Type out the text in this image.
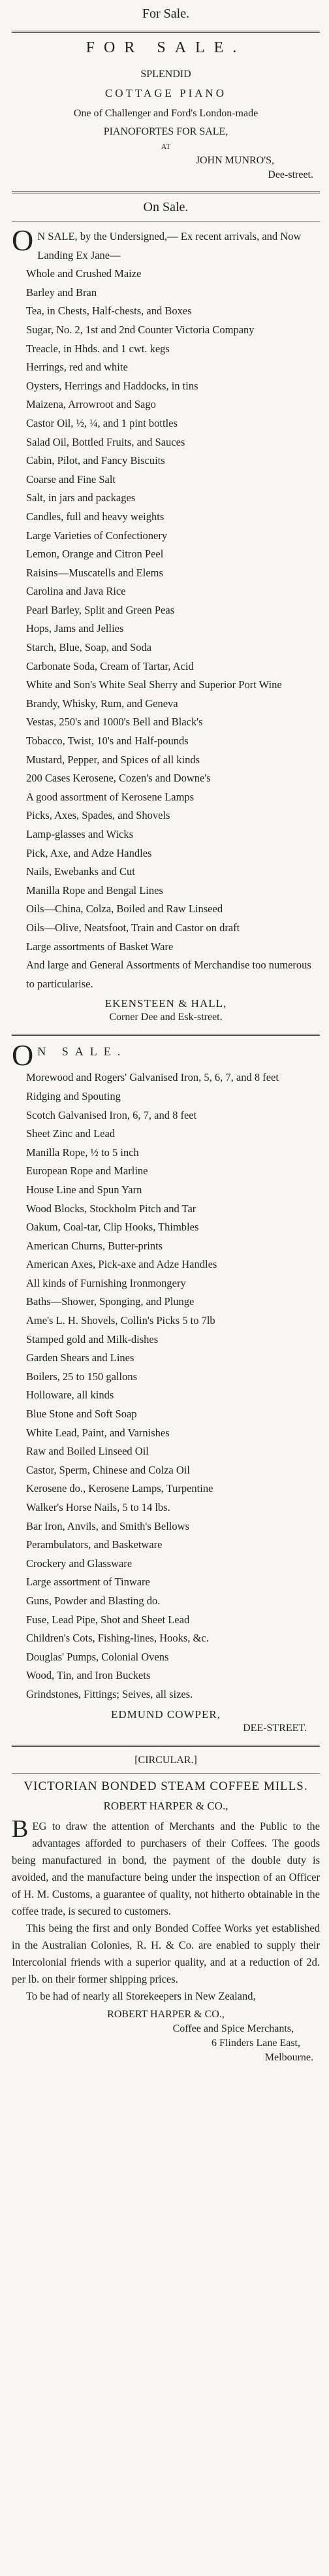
For Sale.
FOR SALE.
SPLENDID
COTTAGE PIANO
One of Challenger and Ford's London-made
PIANOFORTES FOR SALE,
AT
JOHN MUNRO'S,
Dee-street.
On Sale.
O N SALE, by the Undersigned,— Ex recent arrivals, and Now Landing Ex Jane—

Whole and Crushed Maize

Barley and Bran

Tea, in Chests, Half-chests, and Boxes

Sugar, No. 2, 1st and 2nd Counter Victoria Company

Treacle, in Hhds. and 1 cwt. kegs

Herrings, red and white

Oysters, Herrings and Haddocks, in tins

Maizena, Arrowroot and Sago

Castor Oil, ½, ¼, and 1 pint bottles

Salad Oil, Bottled Fruits, and Sauces

Cabin, Pilot, and Fancy Biscuits

Coarse and Fine Salt

Salt, in jars and packages

Candles, full and heavy weights

Large Varieties of Confectionery

Lemon, Orange and Citron Peel

Raisins—Muscatells and Elems

Carolina and Java Rice

Pearl Barley, Split and Green Peas

Hops, Jams and Jellies

Starch, Blue, Soap, and Soda

Carbonate Soda, Cream of Tartar, Acid

White and Son's White Seal Sherry and Superior Port Wine

Brandy, Whisky, Rum, and Geneva

Vestas, 250's and 1000's Bell and Black's

Tobacco, Twist, 10's and Half-pounds

Mustard, Pepper, and Spices of all kinds

200 Cases Kerosene, Cozen's and Downe's

A good assortment of Kerosene Lamps

Picks, Axes, Spades, and Shovels

Lamp-glasses and Wicks

Pick, Axe, and Adze Handles

Nails, Ewebanks and Cut

Manilla Rope and Bengal Lines

Oils—China, Colza, Boiled and Raw Linseed

Oils—Olive, Neatsfoot, Train and Castor on draft

Large assortments of Basket Ware

And large and General Assortments of Merchandise too numerous to particularise.

EKENSTEEN & HALL,
Corner Dee and Esk-street.
O N SALE.

Morewood and Rogers' Galvanised Iron, 5, 6, 7, and 8 feet

Ridging and Spouting

Scotch Galvanised Iron, 6, 7, and 8 feet

Sheet Zinc and Lead

Manilla Rope, ½ to 5 inch

European Rope and Marline

House Line and Spun Yarn

Wood Blocks, Stockholm Pitch and Tar

Oakum, Coal-tar, Clip Hooks, Thimbles

American Churns, Butter-prints

American Axes, Pick-axe and Adze Handles

All kinds of Furnishing Ironmongery

Baths—Shower, Sponging, and Plunge

Ame's L. H. Shovels, Collin's Picks 5 to 7lb

Stamped gold and Milk-dishes

Garden Shears and Lines

Boilers, 25 to 150 gallons

Holloware, all kinds

Blue Stone and Soft Soap

White Lead, Paint, and Varnishes

Raw and Boiled Linseed Oil

Castor, Sperm, Chinese and Colza Oil

Kerosene do., Kerosene Lamps, Turpentine

Walker's Horse Nails, 5 to 14 lbs.

Bar Iron, Anvils, and Smith's Bellows

Perambulators, and Basketware

Crockery and Glassware

Large assortment of Tinware

Guns, Powder and Blasting do.

Fuse, Lead Pipe, Shot and Sheet Lead

Children's Cots, Fishing-lines, Hooks, &c.

Douglas' Pumps, Colonial Ovens

Wood, Tin, and Iron Buckets

Grindstones, Fittings; Seives, all sizes.

EDMUND COWPER,
DEE-STREET.
[CIRCULAR.]
VICTORIAN BONDED STEAM COFFEE MILLS.
ROBERT HARPER & CO.,
B EG to draw the attention of Merchants and the Public to the advantages afforded to purchasers of their Coffees. The goods being manufactured in bond, the payment of the double duty is avoided, and the manufacture being under the inspection of an Officer of H. M. Customs, a guarantee of quality, not hitherto obtainable in the coffee trade, is secured to customers.

This being the first and only Bonded Coffee Works yet established in the Australian Colonies, R. H. & Co. are enabled to supply their Intercolonial friends with a superior quality, and at a reduction of 2d. per lb. on their former shipping prices.

To be had of nearly all Storekeepers in New Zealand,

ROBERT HARPER & CO.,
Coffee and Spice Merchants,
6 Flinders Lane East,
Melbourne.
